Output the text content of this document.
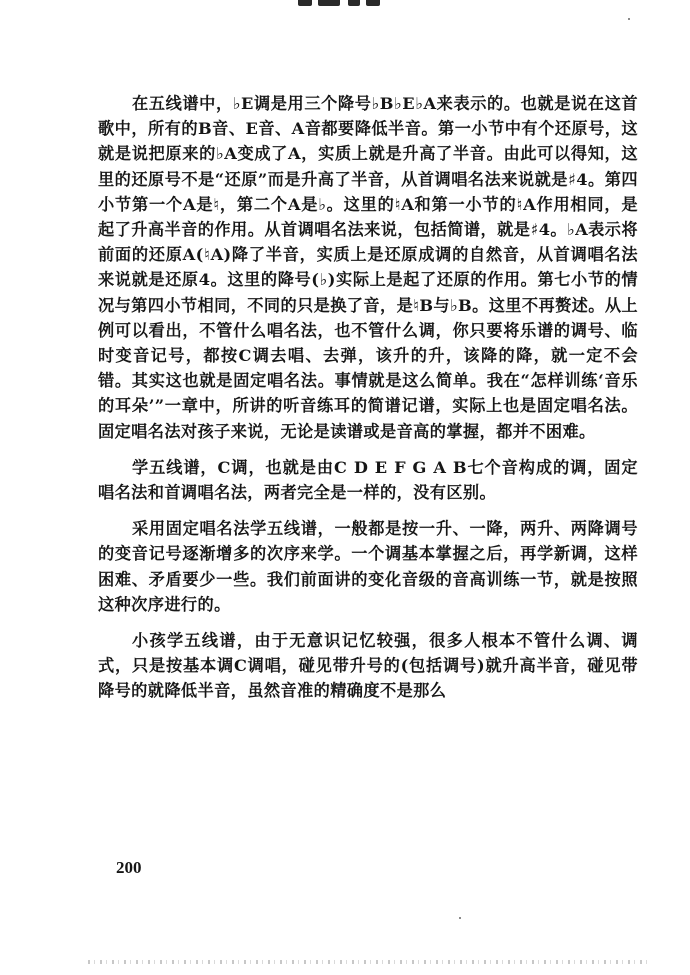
在五线谱中，♭E调是用三个降号♭B♭E♭A来表示的。也就是说在这首歌中，所有的B音、E音、A音都要降低半音。第一小节中有个还原号，这就是说把原来的♭A变成了A，实质上就是升高了半音。由此可以得知，这里的还原号不是“还原”而是升高了半音，从首调唱名法来说就是♯4。第四小节第一个A是♮，第二个A是♭。这里的♮A和第一小节的♮A作用相同，是起了升高半音的作用。从首调唱名法来说，包括简谱，就是♯4。♭A表示将前面的还原A(♮A)降了半音，实质上是还原成调的自然音，从首调唱名法来说就是还原4。这里的降号(♭)实际上是起了还原的作用。第七小节的情况与第四小节相同，不同的只是换了音，是♮B与♭B。这里不再赘述。从上例可以看出，不管什么唱名法，也不管什么调，你只要将乐谱的调号、临时变音记号，都按C调去唱、去弹，该升的升，该降的降，就一定不会错。其实这也就是固定唱名法。事情就是这么简单。我在“怎样训练‘音乐的耳朵’”一章中，所讲的听音练耳的简谱记谱，实际上也是固定唱名法。固定唱名法对孩子来说，无论是读谱或是音高的掌握，都并不困难。

学五线谱，C调，也就是由C D E F G A B七个音构成的调，固定唱名法和首调唱名法，两者完全是一样的，没有区别。

采用固定唱名法学五线谱，一般都是按一升、一降，两升、两降调号的变音记号逐渐增多的次序来学。一个调基本掌握之后，再学新调，这样困难、矛盾要少一些。我们前面讲的变化音级的音高训练一节，就是按照这种次序进行的。

小孩学五线谱，由于无意识记忆较强，很多人根本不管什么调、调式，只是按基本调C调唱，碰见带升号的(包括调号)就升高半音，碰见带降号的就降低半音，虽然音准的精确度不是那么

200
